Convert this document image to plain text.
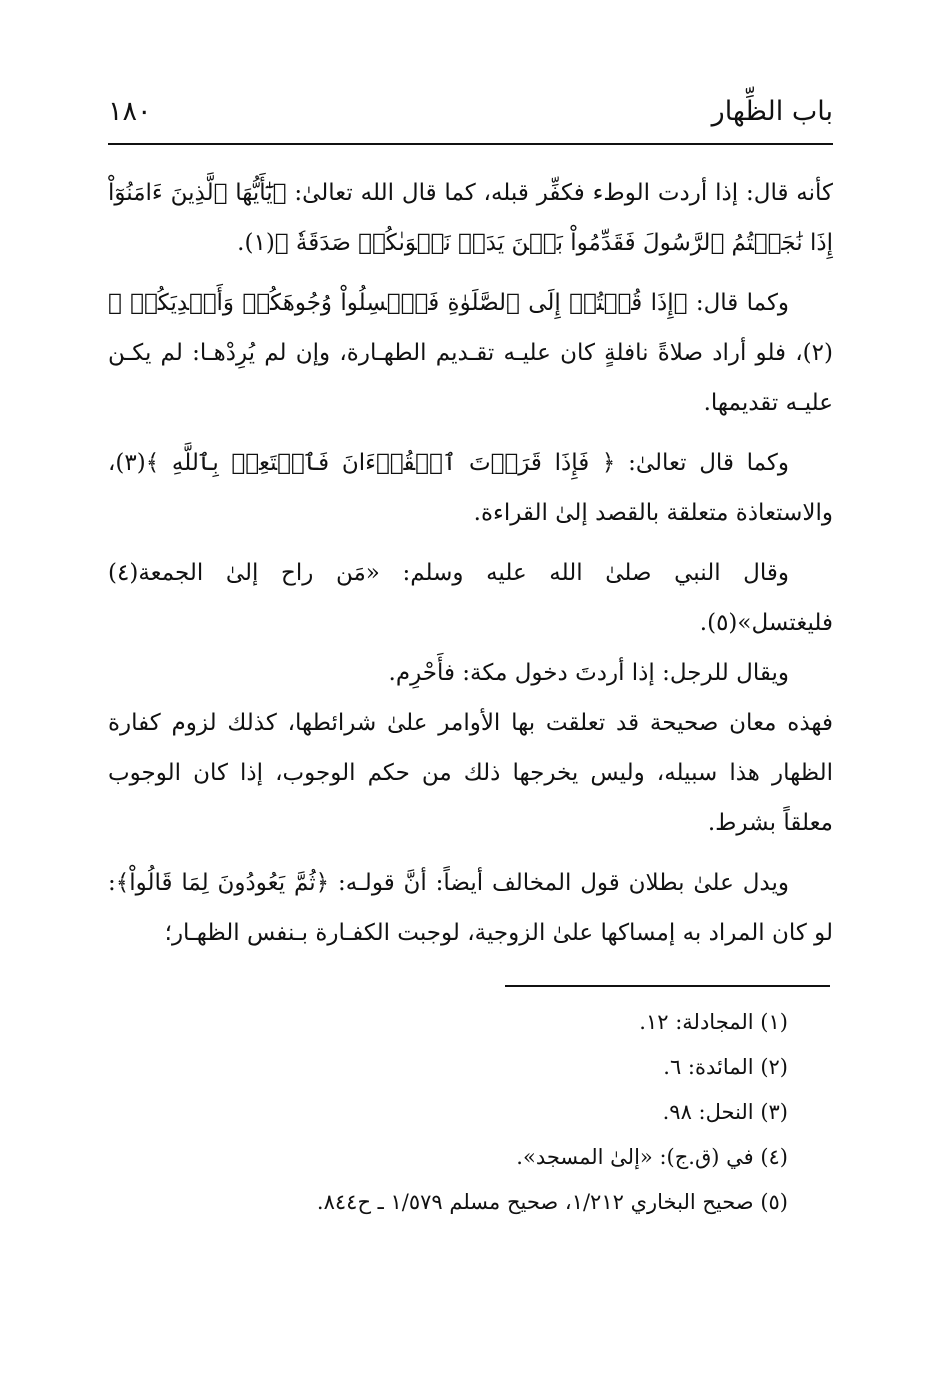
باب الظِّهار
١٨٠

كأنه قال: إذا أردت الوطء فكفِّر قبله، كما قال الله تعالىٰ: ﴿يَٰٓأَيُّهَا ٱلَّذِينَ ءَامَنُوٓاْ إِذَا نَٰجَيۡتُمُ ٱلرَّسُولَ فَقَدِّمُواْ بَيۡنَ يَدَيۡ نَجۡوَىٰكُمۡ صَدَقَةٗ ﴾(١).

وكما قال: ﴿إِذَا قُمۡتُمۡ إِلَى ٱلصَّلَوٰةِ فَٱغۡسِلُواْ وُجُوهَكُمۡ وَأَيۡدِيَكُمۡ ﴾(٢)، فلو أراد صلاةً نافلةٍ كان عليـه تقـديم الطهـارة، وإن لم يُرِدْهـا: لم يكـن عليـه تقديمها.

وكما قال تعالىٰ: ﴿ فَإِذَا قَرَأۡتَ ٱلۡقُرۡءَانَ فَٱسۡتَعِذۡ بِٱللَّهِ ﴾(٣)، والاستعاذة متعلقة بالقصد إلىٰ القراءة.

وقال النبي صلىٰ الله عليه وسلم: «مَن راح إلىٰ الجمعة(٤) فليغتسل»(٥).

ويقال للرجل: إذا أردتَ دخول مكة: فأَحْرِم.

فهذه معان صحيحة قد تعلقت بها الأوامر علىٰ شرائطها، كذلك لزوم كفارة الظهار هذا سبيله، وليس يخرجها ذلك من حكم الوجوب، إذا كان الوجوب معلقاً بشرط.

ويدل علىٰ بطلان قول المخالف أيضاً: أنَّ قولـه: ﴿ثُمَّ يَعُودُونَ لِمَا قَالُواْ﴾: لو كان المراد به إمساكها علىٰ الزوجية، لوجبت الكفـارة بـنفس الظهـار؛

(١) المجادلة: ١٢.
(٢) المائدة: ٦.
(٣) النحل: ٩٨.
(٤) في (ق.ج): «إلىٰ المسجد».
(٥) صحيح البخاري ١/٢١٢، صحيح مسلم ١/٥٧٩ ـ ح٨٤٤.
